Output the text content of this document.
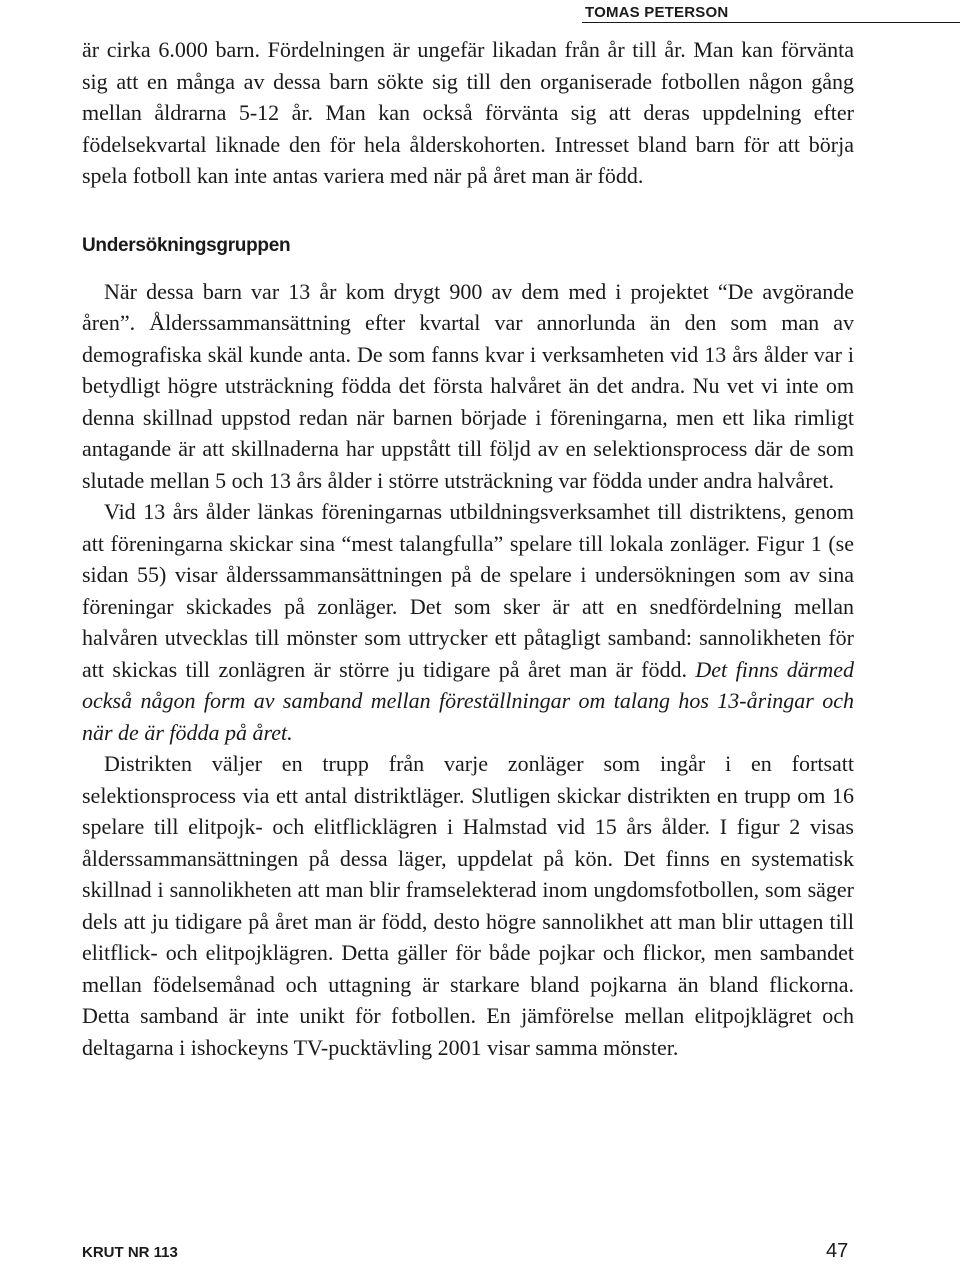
TOMAS PETERSON

är cirka 6.000 barn. Fördelningen är ungefär likadan från år till år. Man kan förvänta sig att en många av dessa barn sökte sig till den organiserade fotbollen någon gång mellan åldrarna 5-12 år. Man kan också förvänta sig att deras uppdelning efter födelsekvartal liknade den för hela ålderskohorten. Intresset bland barn för att börja spela fotboll kan inte antas variera med när på året man är född.

Undersökningsgruppen

När dessa barn var 13 år kom drygt 900 av dem med i projektet “De avgörande åren”. Ålderssammansättning efter kvartal var annorlunda än den som man av demografiska skäl kunde anta. De som fanns kvar i verksamheten vid 13 års ålder var i betydligt högre utsträckning födda det första halvåret än det andra. Nu vet vi inte om denna skillnad uppstod redan när barnen började i föreningarna, men ett lika rimligt antagande är att skillnaderna har uppstått till följd av en selektionsprocess där de som slutade mellan 5 och 13 års ålder i större utsträckning var födda under andra halvåret.

Vid 13 års ålder länkas föreningarnas utbildningsverksamhet till distriktens, genom att föreningarna skickar sina “mest talangfulla” spelare till lokala zonläger. Figur 1 (se sidan 55) visar ålderssammansättningen på de spelare i undersökningen som av sina föreningar skickades på zonläger. Det som sker är att en snedfördelning mellan halvåren utvecklas till mönster som uttrycker ett påtagligt samband: sannolikheten för att skickas till zonlägren är större ju tidigare på året man är född. Det finns därmed också någon form av samband mellan föreställningar om talang hos 13-åringar och när de är födda på året.

Distrikten väljer en trupp från varje zonläger som ingår i en fortsatt selektionsprocess via ett antal distriktläger. Slutligen skickar distrikten en trupp om 16 spelare till elitpojk- och elitflicklägren i Halmstad vid 15 års ålder. I figur 2 visas ålderssammansättningen på dessa läger, uppdelat på kön. Det finns en systematisk skillnad i sannolikheten att man blir framselekterad inom ungdomsfotbollen, som säger dels att ju tidigare på året man är född, desto högre sannolikhet att man blir uttagen till elitflick- och elitpojklägren. Detta gäller för både pojkar och flickor, men sambandet mellan födelsemånad och uttagning är starkare bland pojkarna än bland flickorna. Detta samband är inte unikt för fotbollen. En jämförelse mellan elitpojklägret och deltagarna i ishockeyns TV-pucktävling 2001 visar samma mönster.

KRUT NR 113	47
